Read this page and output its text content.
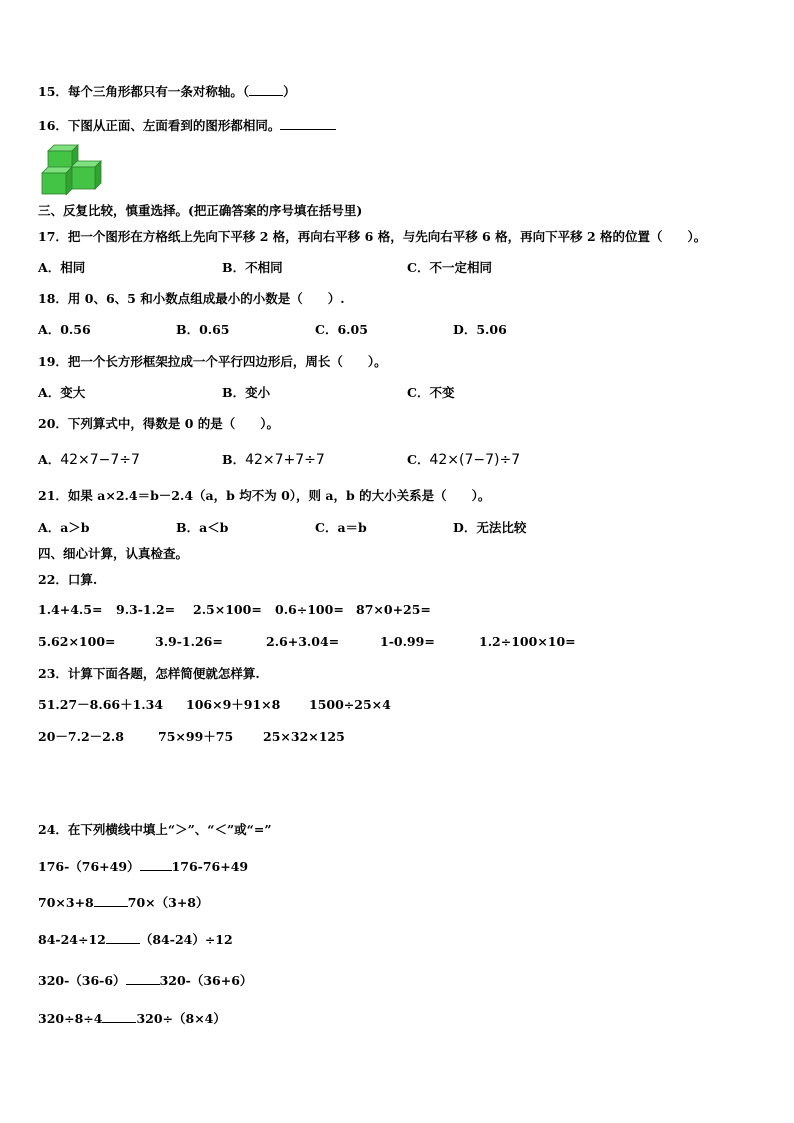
15．每个三角形都只有一条对称轴。（	）
16．下图从正面、左面看到的图形都相同。
三、反复比较，慎重选择。(把正确答案的序号填在括号里)
17．把一个图形在方格纸上先向下平移 2 格，再向右平移 6 格，与先向右平移 6 格，再向下平移 2 格的位置（　　）。
A．相同	B．不相同	C．不一定相同
18．用 0、6、5 和小数点组成最小的小数是（　　）.
A．0.56	B．0.65	C．6.05	D．5.06
19．把一个长方形框架拉成一个平行四边形后，周长（　　）。
A．变大	B．变小	C．不变
20．下列算式中，得数是 0 的是（　　）。
A．42×7−7÷7	B．42×7+7÷7	C．42×(7−7)÷7
21．如果 a×2.4＝b－2.4（a，b 均不为 0），则 a，b 的大小关系是（　　）。
A．a＞b	B．a＜b	C．a＝b	D．无法比较
四、细心计算，认真检查。
22．口算.
1.4+4.5= 9.3-1.2= 2.5×100= 0.6÷100= 87×0+25=
5.62×100=	3.9-1.26=	2.6+3.04=	1-0.99=	1.2÷100×10=
23．计算下面各题，怎样简便就怎样算.
51.27－8.66＋1.34 106×9＋91×8 1500÷25×4
20－7.2－2.8	75×99＋75 25×32×125
24．在下列横线中填上“＞”、“＜”或“=”
176-（76+49）	176-76+49
70×3+8	70×（3+8）
84-24÷12	（84-24）÷12
320-（36-6）	320-（36+6）
320÷8÷4	320÷（8×4）
